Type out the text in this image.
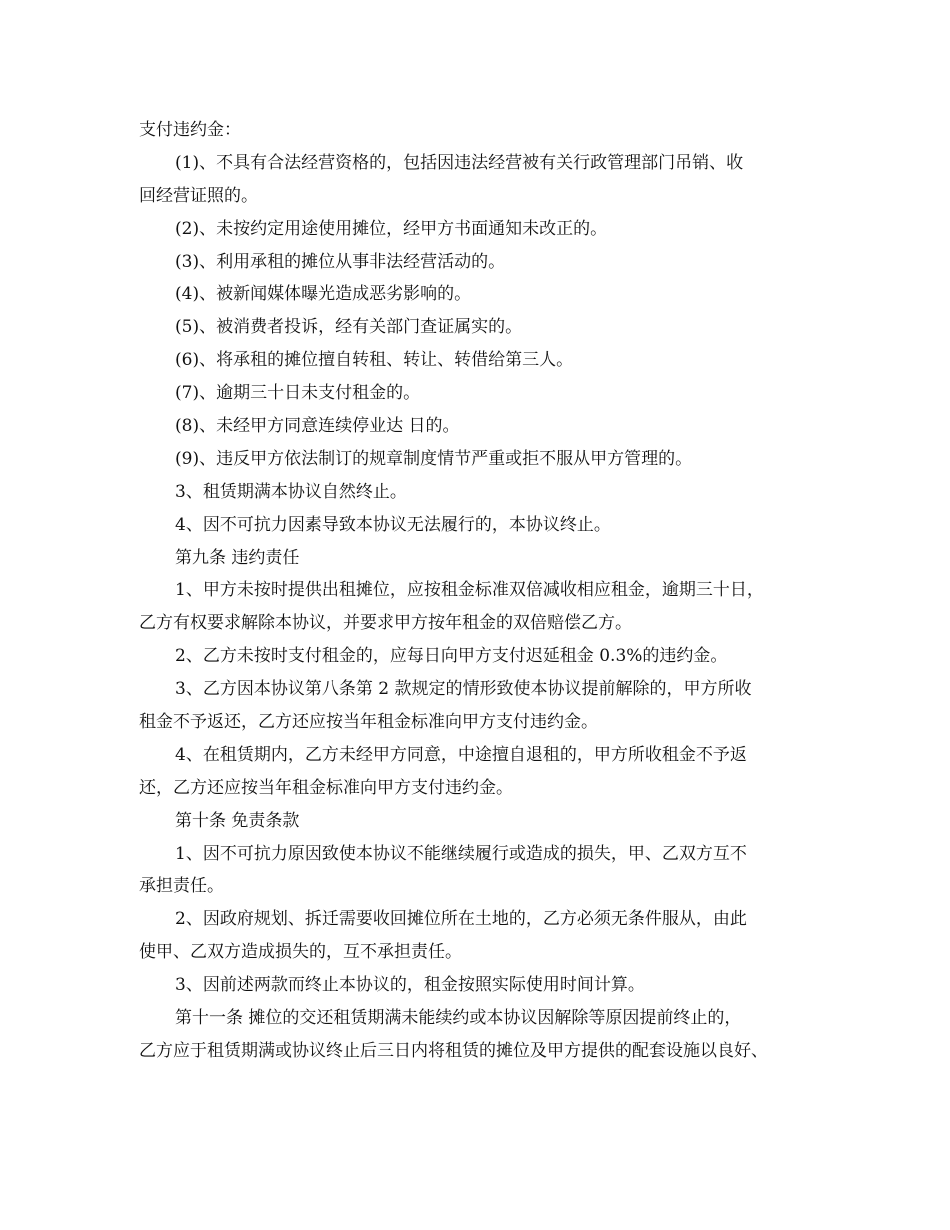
支付违约金：
(1)、不具有合法经营资格的，包括因违法经营被有关行政管理部门吊销、收
回经营证照的。
(2)、未按约定用途使用摊位，经甲方书面通知未改正的。
(3)、利用承租的摊位从事非法经营活动的。
(4)、被新闻媒体曝光造成恶劣影响的。
(5)、被消费者投诉，经有关部门查证属实的。
(6)、将承租的摊位擅自转租、转让、转借给第三人。
(7)、逾期三十日未支付租金的。
(8)、未经甲方同意连续停业达 日的。
(9)、违反甲方依法制订的规章制度情节严重或拒不服从甲方管理的。
3、租赁期满本协议自然终止。
4、因不可抗力因素导致本协议无法履行的，本协议终止。
第九条 违约责任
1、甲方未按时提供出租摊位，应按租金标准双倍减收相应租金，逾期三十日，
乙方有权要求解除本协议，并要求甲方按年租金的双倍赔偿乙方。
2、乙方未按时支付租金的，应每日向甲方支付迟延租金 0.3%的违约金。
3、乙方因本协议第八条第 2 款规定的情形致使本协议提前解除的，甲方所收
租金不予返还，乙方还应按当年租金标准向甲方支付违约金。
4、在租赁期内，乙方未经甲方同意，中途擅自退租的，甲方所收租金不予返
还，乙方还应按当年租金标准向甲方支付违约金。
第十条 免责条款
1、因不可抗力原因致使本协议不能继续履行或造成的损失，甲、乙双方互不
承担责任。
2、因政府规划、拆迁需要收回摊位所在土地的，乙方必须无条件服从，由此
使甲、乙双方造成损失的，互不承担责任。
3、因前述两款而终止本协议的，租金按照实际使用时间计算。
第十一条 摊位的交还租赁期满未能续约或本协议因解除等原因提前终止的，
乙方应于租赁期满或协议终止后三日内将租赁的摊位及甲方提供的配套设施以良好、
